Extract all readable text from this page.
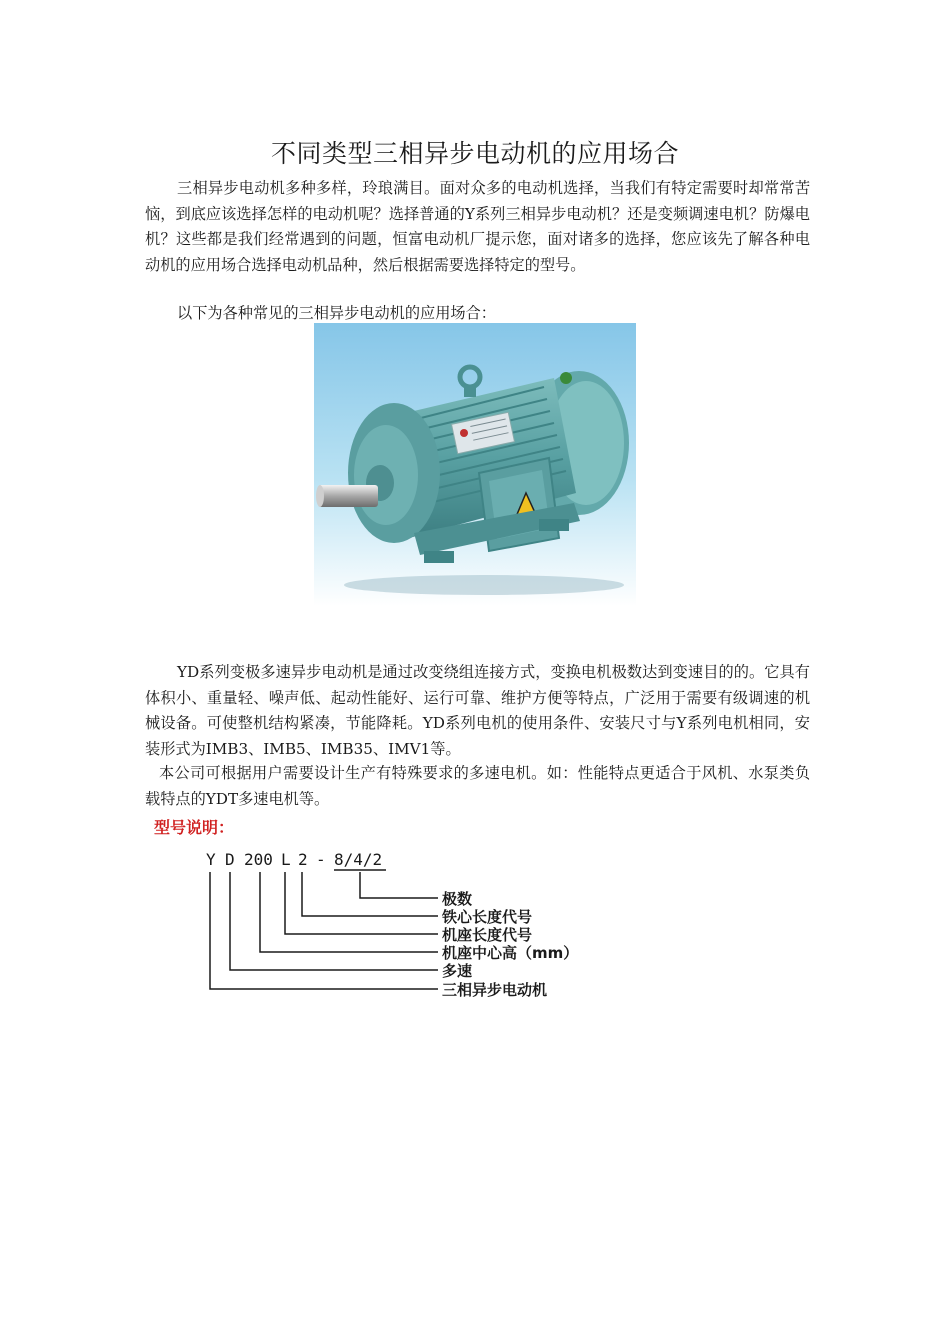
不同类型三相异步电动机的应用场合

三相异步电动机多种多样，玲琅满目。面对众多的电动机选择，当我们有特定需要时却常常苦恼，到底应该选择怎样的电动机呢？选择普通的Y系列三相异步电动机？还是变频调速电机？防爆电机？这些都是我们经常遇到的问题，恒富电动机厂提示您，面对诸多的选择，您应该先了解各种电动机的应用场合选择电动机品种，然后根据需要选择特定的型号。

以下为各种常见的三相异步电动机的应用场合：

YD系列变极多速异步电动机是通过改变绕组连接方式，变换电机极数达到变速目的的。它具有体积小、重量轻、噪声低、起动性能好、运行可靠、维护方便等特点，广泛用于需要有级调速的机械设备。可使整机结构紧凑，节能降耗。YD系列电机的使用条件、安装尺寸与Y系列电机相同，安装形式为IMB3、IMB5、IMB35、IMV1等。

本公司可根据用户需要设计生产有特殊要求的多速电机。如：性能特点更适合于风机、水泵类负载特点的YDT多速电机等。

型号说明：
Y D 200 L 2 - 8/4/2
极数
铁心长度代号
机座长度代号
机座中心高（mm）
多速
三相异步电动机
